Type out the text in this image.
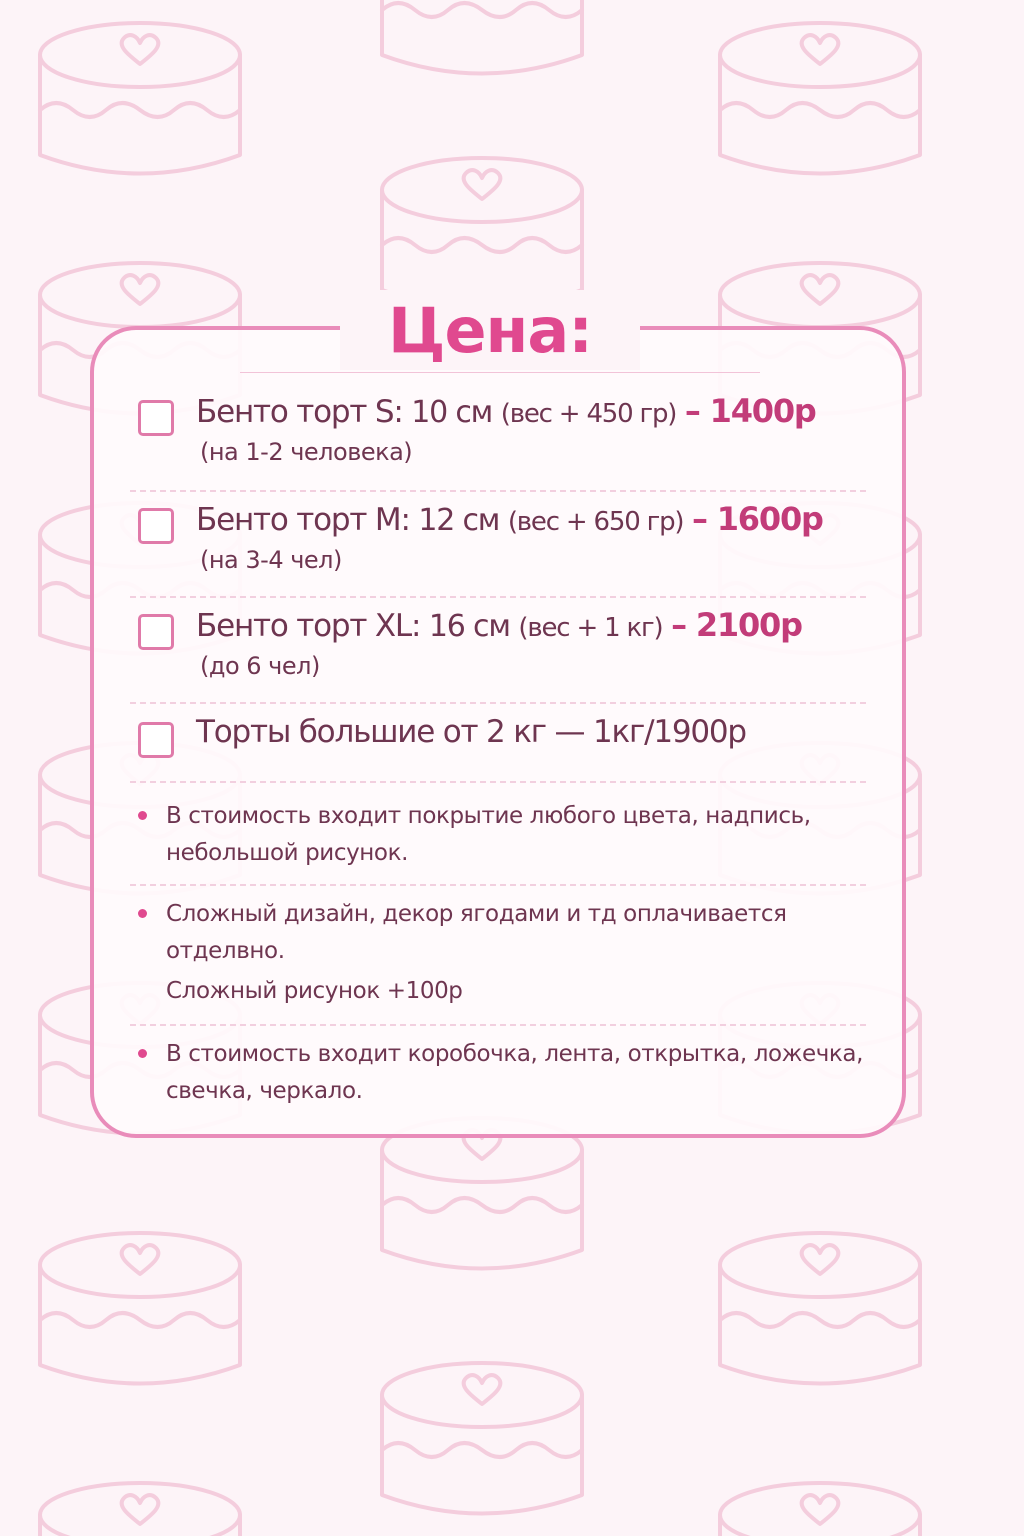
Цена:
Бенто торт S: 10 см (вес + 450 гр) – 1400р
(на 1-2 человека)
Бенто торт M: 12 см (вес + 650 гр) – 1600р
(на 3-4 чел)
Бенто торт XL: 16 см (вес + 1 кг) – 2100р
(до 6 чел)
Торты большие от 2 кг — 1кг/1900р
В стоимость входит покрытие любого цвета, надпись, небольшой рисунок.
Сложный дизайн, декор ягодами и тд оплачивается отделвно.
Сложный рисунок +100р
В стоимость входит коробочка, лента, открытка, ложечка, свечка, черкало.
